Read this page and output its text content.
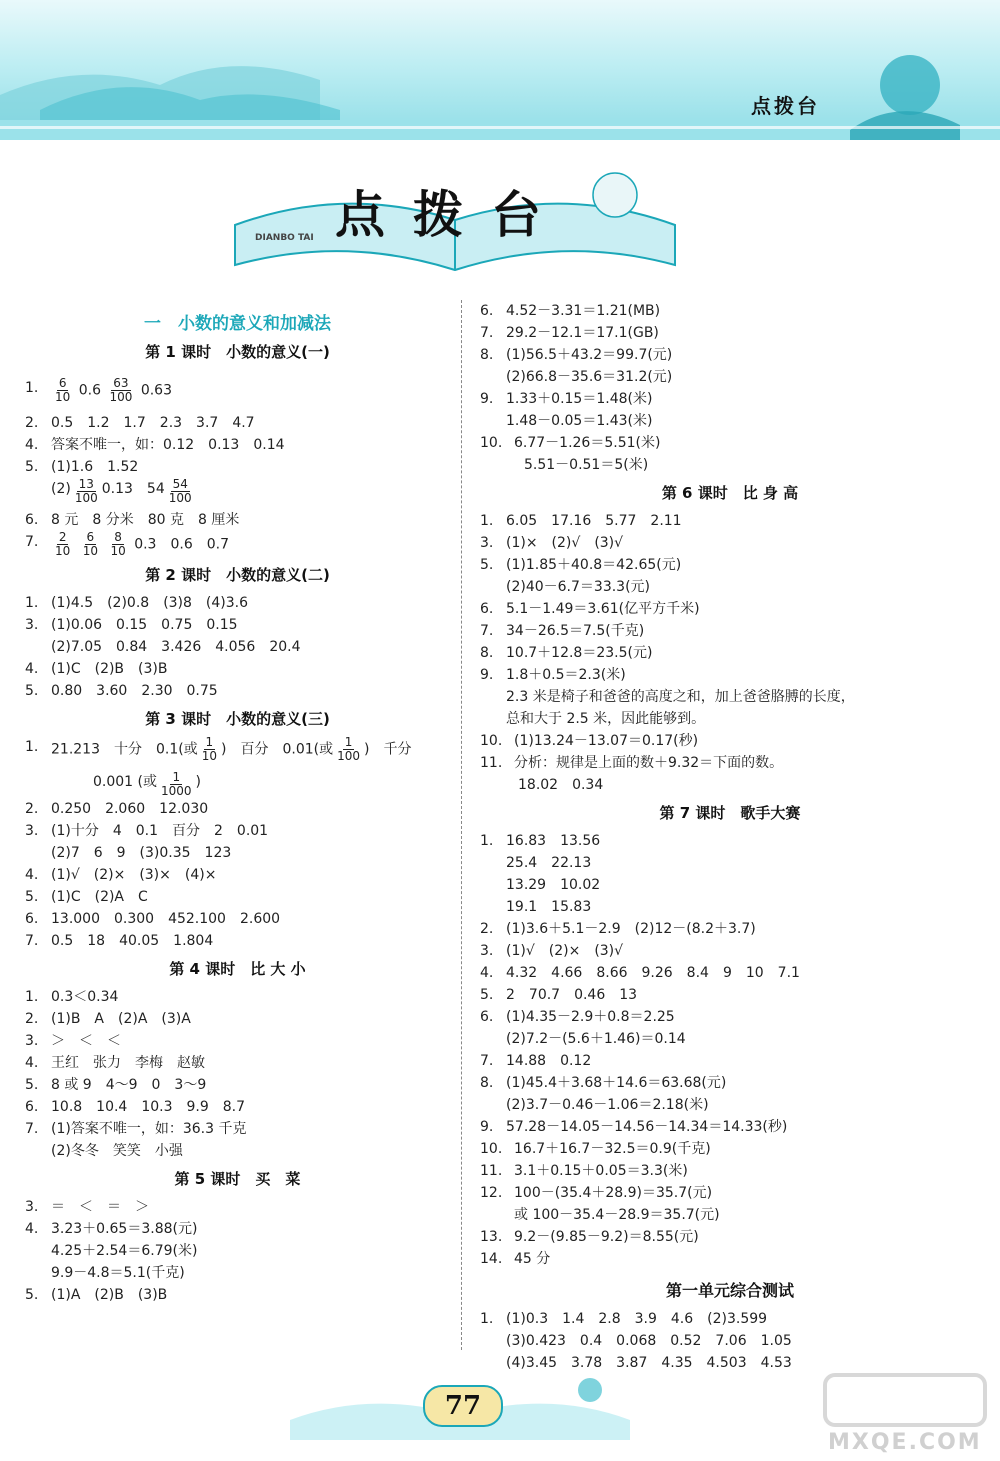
点拨台
点拨台
DIANBO TAI
一　小数的意义和加减法
第 1 课时　小数的意义(一)
1.	$\frac{6}{10} 0.6 \frac{63}{100} 0.63$
2. 0.5　1.2　1.7　2.3　3.7　4.7
4. 答案不唯一，如：0.12　0.13　0.14
5. (1)1.6　1.52
$(2) \frac{13}{100} 0.13$　$54 \frac{54}{100}$
6. 8 元　8 分米　80 克　8 厘米
7.	$\frac{2}{10}$
$\frac{6}{10}$
$\frac{8}{10} 0.3$　0.6　0.7
第 2 课时　小数的意义(二)
1. (1)4.5　(2)0.8　(3)8　(4)3.6
3. (1)0.06　0.15　0.75　0.15
(2)7.05　0.84　3.426　4.056　20.4
4. (1)C　(2)B　(3)B
5. 0.80　3.60　2.30　0.75
第 3 课时　小数的意义(三)
1. 21.213　十分　0.1(或 $\frac{1}{10}$ )　百分　0.01(或 $\frac{1}{100}$ )　千分
0.001 (或 $\frac{1}{1000}$ )
2. 0.250　2.060　12.030
3. (1)十分　4　0.1　百分　2　0.01
(2)7　6　9　(3)0.35　123
4. (1)√　(2)×　(3)×　(4)×
5. (1)C　(2)A　C
6. 13.000　0.300　452.100　2.600
7. 0.5　18　40.05　1.804
第 4 课时　比 大 小
1. 0.3＜0.34
2. (1)B　A　(2)A　(3)A
3. ＞　＜　＜
4. 王红　张力　李梅　赵敏
5. 8 或 9　4～9　0　3～9
6. 10.8　10.4　10.3　9.9　8.7
7. (1)答案不唯一，如：36.3 千克
(2)冬冬　笑笑　小强
第 5 课时　买　菜
3. ＝　＜　＝　＞
4. 3.23＋0.65＝3.88(元)
4.25＋2.54＝6.79(米)
9.9－4.8＝5.1(千克)
5. (1)A　(2)B　(3)B
6. 4.52－3.31＝1.21(MB)
7. 29.2－12.1＝17.1(GB)
8. (1)56.5＋43.2＝99.7(元)
(2)66.8－35.6＝31.2(元)
9. 1.33＋0.15＝1.48(米)
1.48－0.05＝1.43(米)
10. 6.77－1.26＝5.51(米)
5.51－0.51＝5(米)
第 6 课时　比 身 高
1. 6.05　17.16　5.77　2.11
3. (1)×　(2)√　(3)√
5. (1)1.85＋40.8＝42.65(元)
(2)40－6.7＝33.3(元)
6. 5.1－1.49＝3.61(亿平方千米)
7. 34－26.5＝7.5(千克)
8. 10.7＋12.8＝23.5(元)
9. 1.8＋0.5＝2.3(米)
2.3 米是椅子和爸爸的高度之和，加上爸爸胳膊的长度，
总和大于 2.5 米，因此能够到。
10. (1)13.24－13.07＝0.17(秒)
11. 分析：规律是上面的数＋9.32＝下面的数。
18.02　0.34
第 7 课时　歌手大赛
1. 16.83　13.56
25.4　22.13
13.29　10.02
19.1　15.83
2. (1)3.6＋5.1－2.9　(2)12－(8.2＋3.7)
3. (1)√　(2)×　(3)√
4. 4.32　4.66　8.66　9.26　8.4　9　10　7.1
5. 2　70.7　0.46　13
6. (1)4.35－2.9＋0.8＝2.25
(2)7.2－(5.6＋1.46)＝0.14
7. 14.88　0.12
8. (1)45.4＋3.68＋14.6＝63.68(元)
(2)3.7－0.46－1.06＝2.18(米)
9. 57.28－14.05－14.56－14.34＝14.33(秒)
10. 16.7＋16.7－32.5＝0.9(千克)
11. 3.1＋0.15＋0.05＝3.3(米)
12. 100－(35.4＋28.9)＝35.7(元)
或 100－35.4－28.9＝35.7(元)
13. 9.2－(9.85－9.2)＝8.55(元)
14. 45 分
第一单元综合测试
1. (1)0.3　1.4　2.8　3.9　4.6　(2)3.599
(3)0.423　0.4　0.068　0.52　7.06　1.05
(4)3.45　3.78　3.87　4.35　4.503　4.53
77
MXQE.COM
